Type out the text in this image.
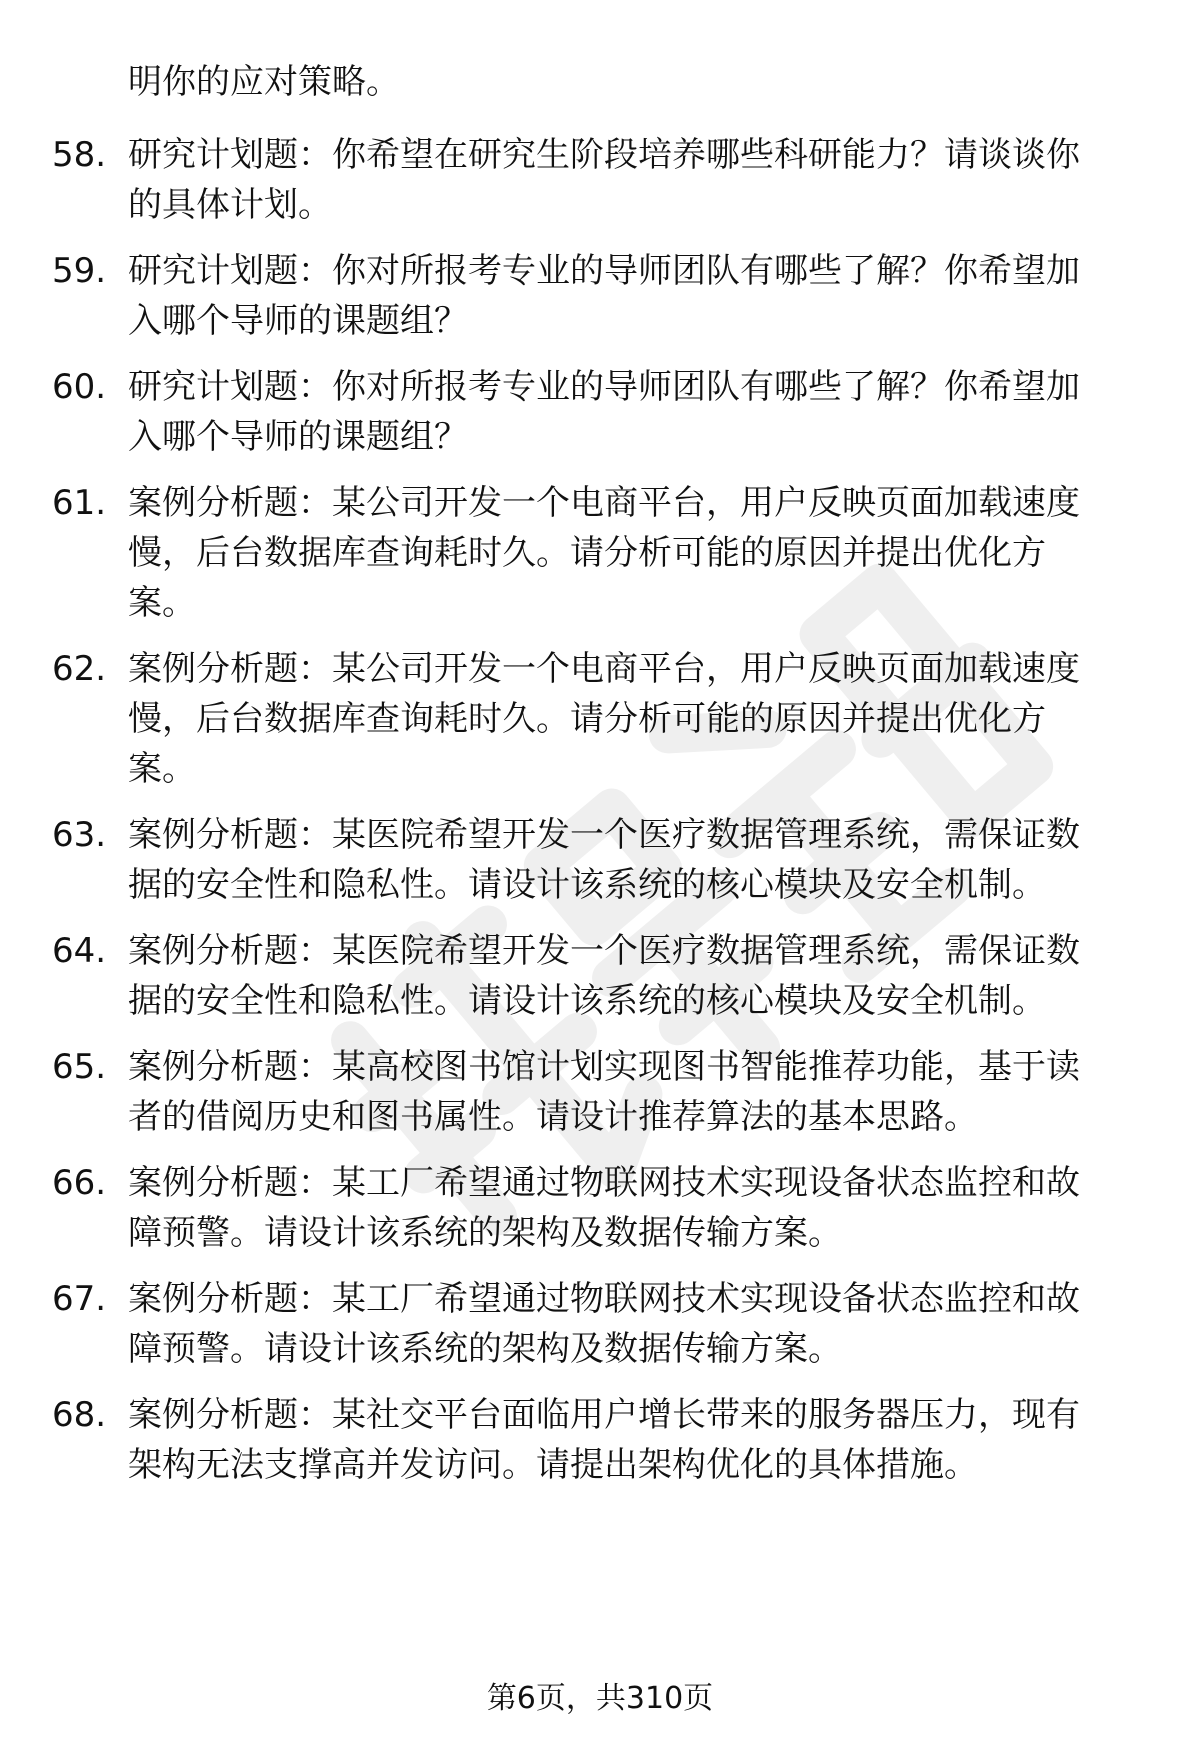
明你的应对策略。
58. 研究计划题：你希望在研究生阶段培养哪些科研能力？请谈谈你
的具体计划。
59. 研究计划题：你对所报考专业的导师团队有哪些了解？你希望加
入哪个导师的课题组？
60. 研究计划题：你对所报考专业的导师团队有哪些了解？你希望加
入哪个导师的课题组？
61. 案例分析题：某公司开发一个电商平台，用户反映页面加载速度
慢，后台数据库查询耗时久。请分析可能的原因并提出优化方
案。
62. 案例分析题：某公司开发一个电商平台，用户反映页面加载速度
慢，后台数据库查询耗时久。请分析可能的原因并提出优化方
案。
63. 案例分析题：某医院希望开发一个医疗数据管理系统，需保证数
据的安全性和隐私性。请设计该系统的核心模块及安全机制。
64. 案例分析题：某医院希望开发一个医疗数据管理系统，需保证数
据的安全性和隐私性。请设计该系统的核心模块及安全机制。
65. 案例分析题：某高校图书馆计划实现图书智能推荐功能，基于读
者的借阅历史和图书属性。请设计推荐算法的基本思路。
66. 案例分析题：某工厂希望通过物联网技术实现设备状态监控和故
障预警。请设计该系统的架构及数据传输方案。
67. 案例分析题：某工厂希望通过物联网技术实现设备状态监控和故
障预警。请设计该系统的架构及数据传输方案。
68. 案例分析题：某社交平台面临用户增长带来的服务器压力，现有
架构无法支撑高并发访问。请提出架构优化的具体措施。
第6页，共310页
